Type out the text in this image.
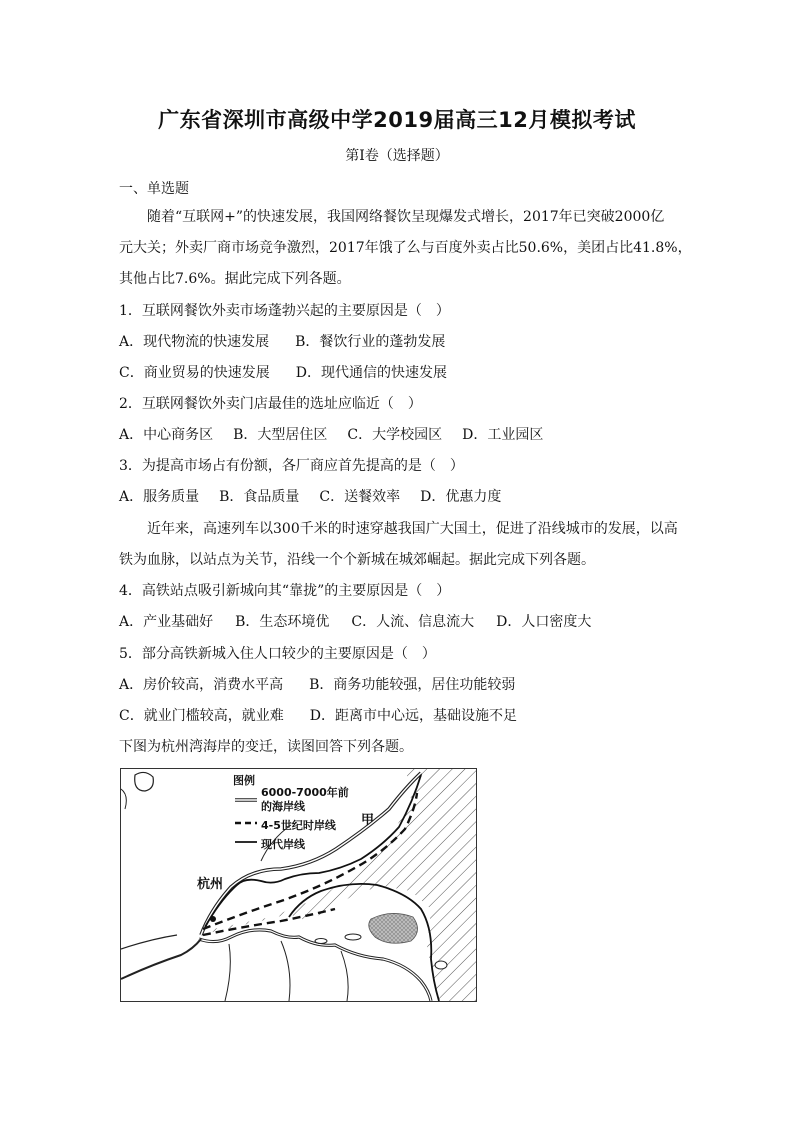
广东省深圳市高级中学2019届高三12月模拟考试
第Ⅰ卷（选择题）
一、单选题
随着“互联网+”的快速发展，我国网络餐饮呈现爆发式增长，2017年已突破2000亿
元大关；外卖厂商市场竞争激烈，2017年饿了么与百度外卖占比50.6%，美团占比41.8%，
其他占比7.6%。据此完成下列各题。
1．互联网餐饮外卖市场蓬勃兴起的主要原因是（　）
A．现代物流的快速发展 B．餐饮行业的蓬勃发展
C．商业贸易的快速发展 D．现代通信的快速发展
2．互联网餐饮外卖门店最佳的选址应临近（　）
A．中心商务区 B．大型居住区 C．大学校园区 D．工业园区
3．为提高市场占有份额，各厂商应首先提高的是（　）
A．服务质量 B．食品质量 C．送餐效率 D．优惠力度
近年来，高速列车以300千米的时速穿越我国广大国土，促进了沿线城市的发展，以高
铁为血脉，以站点为关节，沿线一个个新城在城郊崛起。据此完成下列各题。
4．高铁站点吸引新城向其“靠拢”的主要原因是（　）
A．产业基础好 B．生态环境优 C．人流、信息流大 D．人口密度大
5．部分高铁新城入住人口较少的主要原因是（　）
A．房价较高，消费水平高 B．商务功能较强，居住功能较弱
C．就业门槛较高，就业难 D．距离市中心远，基础设施不足
下图为杭州湾海岸的变迁，读图回答下列各题。
图例
6000-7000年前
的海岸线
4-5世纪时岸线
现代岸线
甲
杭州
